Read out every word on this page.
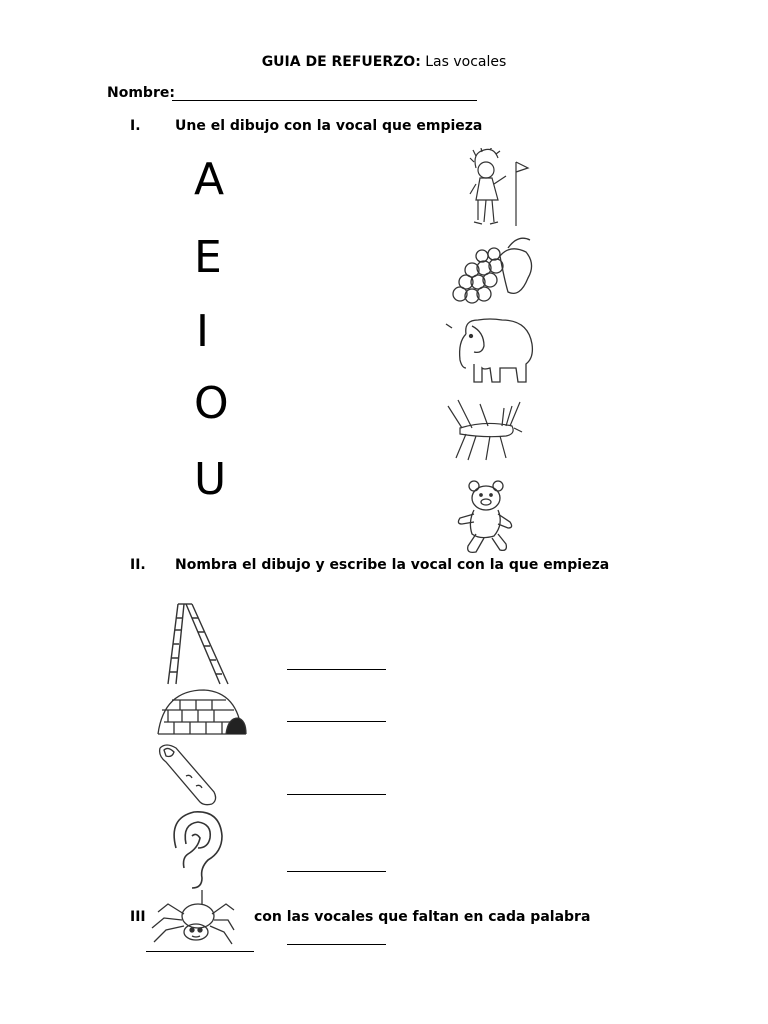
GUIA DE REFUERZO: Las vocales
Nombre:
I. Une el dibujo con la vocal que empieza
A
E
I
O
U
II. Nombra el dibujo y escribe la vocal con la que empieza
III	con las vocales que faltan en cada palabra
